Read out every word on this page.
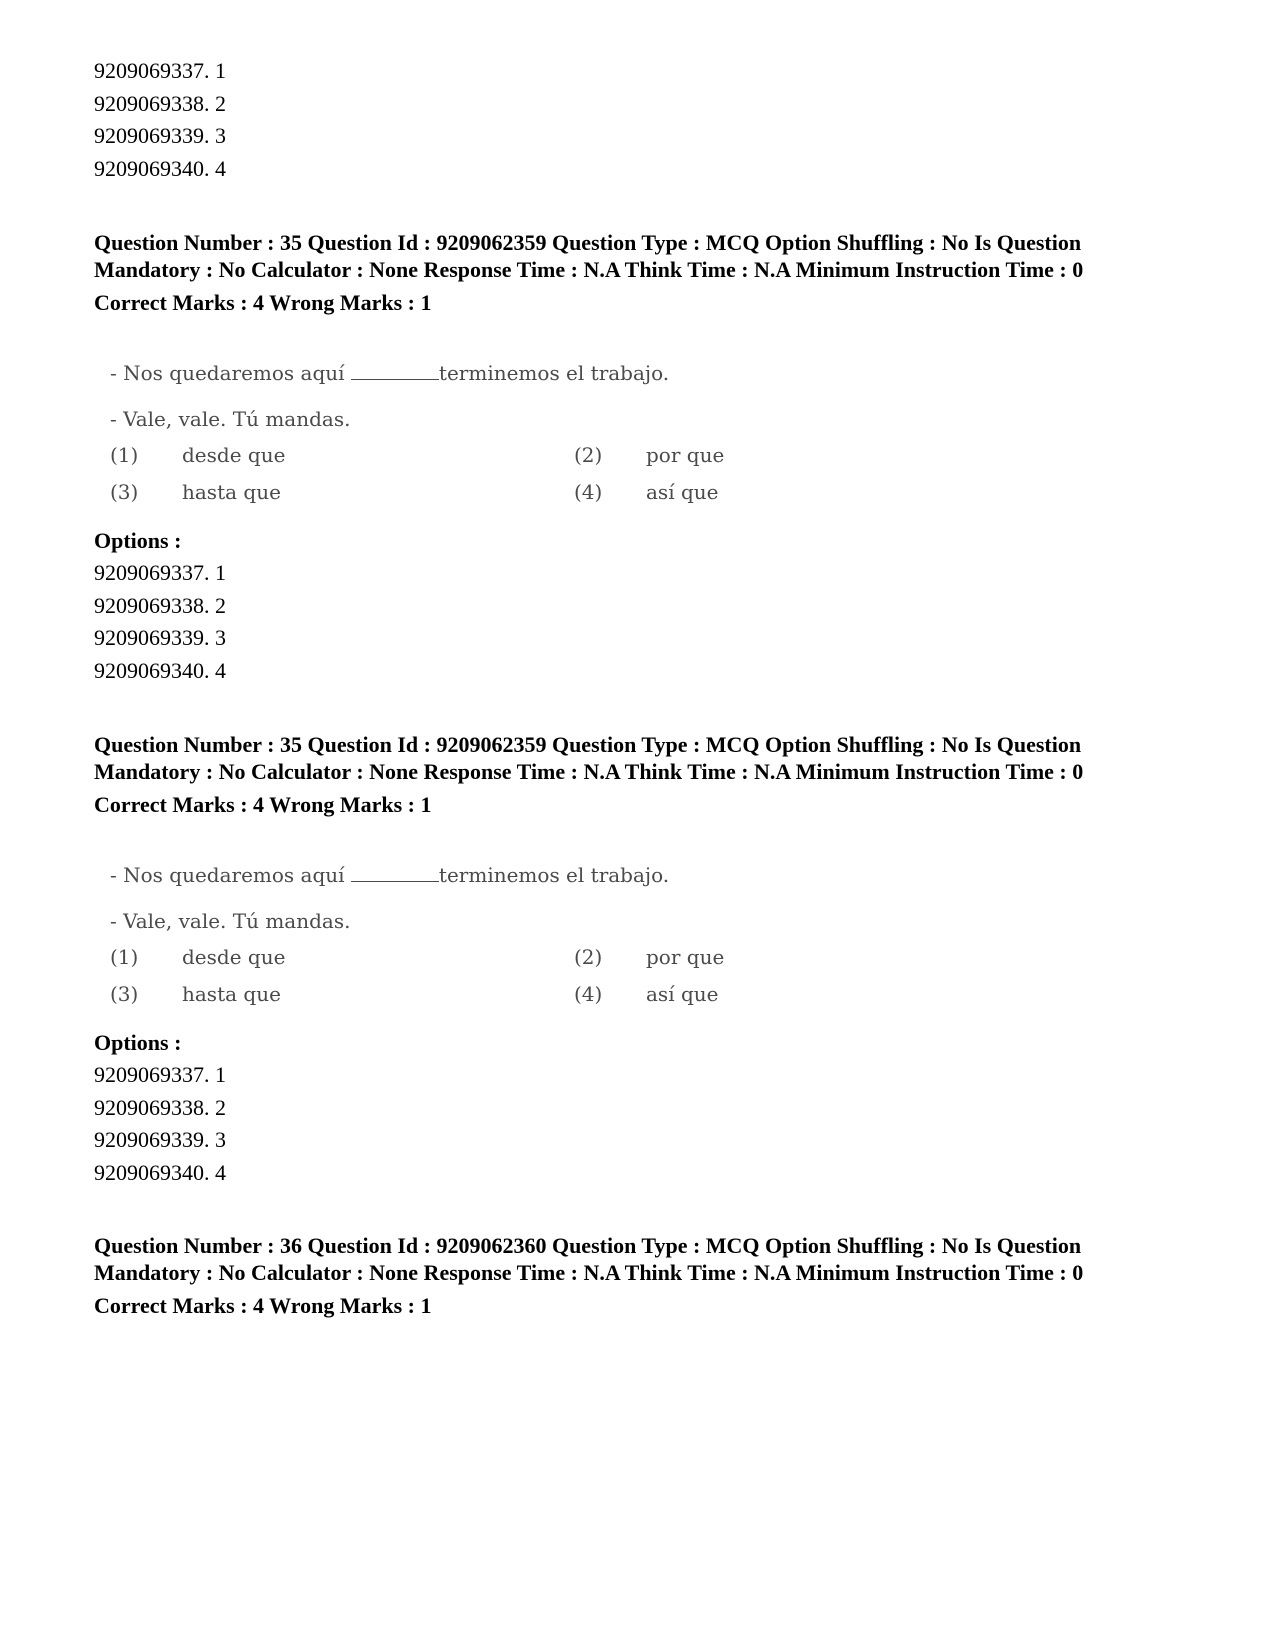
9209069337. 1
9209069338. 2
9209069339. 3
9209069340. 4
Question Number : 35 Question Id : 9209062359 Question Type : MCQ Option Shuffling : No Is Question Mandatory : No Calculator : None Response Time : N.A Think Time : N.A Minimum Instruction Time : 0
Correct Marks : 4 Wrong Marks : 1
- Nos quedaremos aquí	terminemos el trabajo.
- Vale, vale. Tú mandas.
(1) desde que	(2) por que
(3) hasta que	(4) así que
Options :
9209069337. 1
9209069338. 2
9209069339. 3
9209069340. 4
Question Number : 35 Question Id : 9209062359 Question Type : MCQ Option Shuffling : No Is Question Mandatory : No Calculator : None Response Time : N.A Think Time : N.A Minimum Instruction Time : 0
Correct Marks : 4 Wrong Marks : 1
- Nos quedaremos aquí	terminemos el trabajo.
- Vale, vale. Tú mandas.
(1) desde que	(2) por que
(3) hasta que	(4) así que
Options :
9209069337. 1
9209069338. 2
9209069339. 3
9209069340. 4
Question Number : 36 Question Id : 9209062360 Question Type : MCQ Option Shuffling : No Is Question Mandatory : No Calculator : None Response Time : N.A Think Time : N.A Minimum Instruction Time : 0
Correct Marks : 4 Wrong Marks : 1
